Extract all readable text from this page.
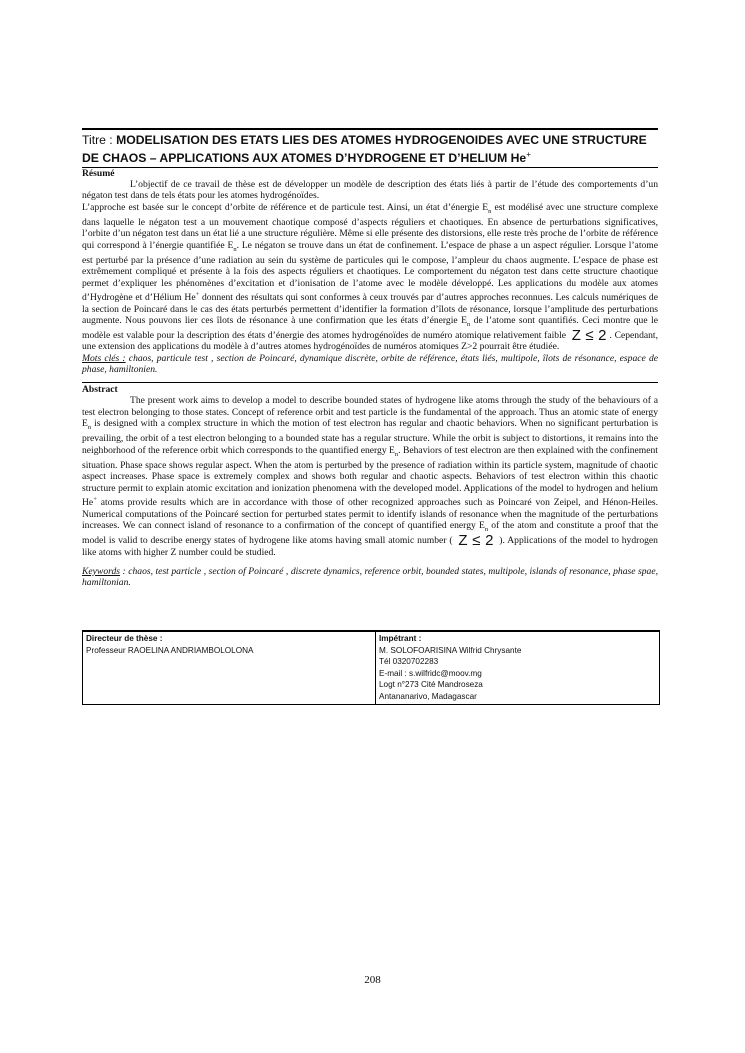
Titre : MODELISATION DES ETATS LIES DES ATOMES HYDROGENOIDES AVEC UNE STRUCTURE DE CHAOS – APPLICATIONS AUX ATOMES D’HYDROGENE ET D’HELIUM He+
Résumé
L’objectif de ce travail de thèse est de développer un modèle de description des états liés à partir de l’étude des comportements d’un négaton test dans de tels états pour les atomes hydrogénoïdes.
L’approche est basée sur le concept d’orbite de référence et de particule test. Ainsi, un état d’énergie $E_n$ est modélisé avec une structure complexe dans laquelle le négaton test a un mouvement chaotique composé d’aspects réguliers et chaotiques. En absence de perturbations significatives, l’orbite d’un négaton test dans un état lié a une structure régulière. Même si elle présente des distorsions, elle reste très proche de l’orbite de référence qui correspond à l’énergie quantifiée $E_n$. Le négaton se trouve dans un état de confinement. L’espace de phase a un aspect régulier. Lorsque l’atome est perturbé par la présence d’une radiation au sein du système de particules qui le compose, l’ampleur du chaos augmente. L’espace de phase est extrêmement compliqué et présente à la fois des aspects réguliers et chaotiques. Le comportement du négaton test dans cette structure chaotique permet d’expliquer les phénomènes d’excitation et d’ionisation de l’atome avec le modèle développé. Les applications du modèle aux atomes d’Hydrogène et d’Hélium He+ donnent des résultats qui sont conformes à ceux trouvés par d’autres approches reconnues. Les calculs numériques de la section de Poincaré dans le cas des états perturbés permettent d’identifier la formation d’îlots de résonance, lorsque l’amplitude des perturbations augmente. Nous pouvons lier ces îlots de résonance à une confirmation que les états d’énergie $E_n$ de l’atome sont quantifiés. Ceci montre que le modèle est valable pour la description des états d’énergie des atomes hydrogénoïdes de numéro atomique relativement faible Z ≤ 2 . Cependant, une extension des applications du modèle à d’autres atomes hydrogénoïdes de numéros atomiques Z>2 pourrait être étudiée.
Mots clés : chaos, particule test , section de Poincaré, dynamique discrète, orbite de référence, états liés, multipole, îlots de résonance, espace de phase, hamiltonien.
Abstract
The present work aims to develop a model to describe bounded states of hydrogene like atoms through the study of the behaviours of a test electron belonging to those states. Concept of reference orbit and test particle is the fundamental of the approach. Thus an atomic state of energy $E_n$ is designed with a complex structure in which the motion of test electron has regular and chaotic behaviors. When no significant perturbation is prevailing, the orbit of a test electron belonging to a bounded state has a regular structure. While the orbit is subject to distortions, it remains into the neighborhood of the reference orbit which corresponds to the quantified energy $E_n$. Behaviors of test electron are then explained with the confinement situation. Phase space shows regular aspect. When the atom is perturbed by the presence of radiation within its particle system, magnitude of chaotic aspect increases. Phase space is extremely complex and shows both regular and chaotic aspects. Behaviors of test electron within this chaotic structure permit to explain atomic excitation and ionization phenomena with the developed model. Applications of the model to hydrogen and helium He+ atoms provide results which are in accordance with those of other recognized approaches such as Poincaré von Zeipel, and Hénon-Heiles. Numerical computations of the Poincaré section for perturbed states permit to identify islands of resonance when the magnitude of the perturbations increases. We can connect island of resonance to a confirmation of the concept of quantified energy $E_n$ of the atom and constitute a proof that the model is valid to describe energy states of hydrogene like atoms having small atomic number ( Z ≤ 2 ). Applications of the model to hydrogen like atoms with higher Z number could be studied.
Keywords : chaos, test particle , section of Poincaré , discrete dynamics, reference orbit, bounded states, multipole, islands of resonance, phase spae, hamiltonian.
Directeur de thèse :
Professeur RAOELINA ANDRIAMBOLOLONA
Impétrant :
M. SOLOFOARISINA Wilfrid Chrysante
Tél 0320702283
E-mail : s.wilfridc@moov.mg
Logt n°273 Cité Mandroseza
Antananarivo, Madagascar
208
